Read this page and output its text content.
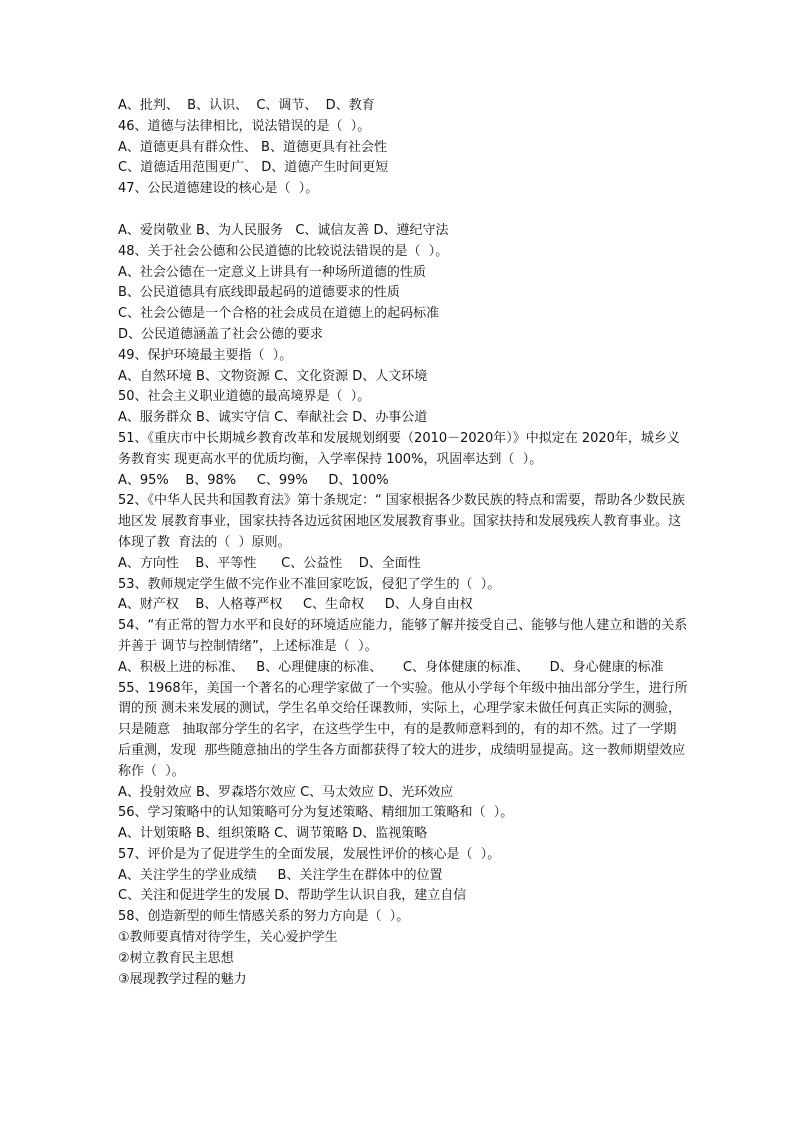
A、批判、  B、认识、  C、调节、  D、教育
46、道德与法律相比，说法错误的是（  ）。
A、道德更具有群众性、 B、道德更具有社会性
C、道德适用范围更广、 D、道德产生时间更短
47、公民道德建设的核心是（  ）。
A、爱岗敬业 B、为人民服务   C、诚信友善 D、遵纪守法
48、关于社会公德和公民道德的比较说法错误的是（  ）。
A、社会公德在一定意义上讲具有一种场所道德的性质
B、公民道德具有底线即最起码的道德要求的性质
C、社会公德是一个合格的社会成员在道德上的起码标准
D、公民道德涵盖了社会公德的要求
49、保护环境最主要指（  ）。
A、自然环境 B、文物资源 C、文化资源 D、人文环境
50、社会主义职业道德的最高境界是（  ）。
A、服务群众 B、诚实守信 C、奉献社会 D、办事公道
51、《重庆市中长期城乡教育改革和发展规划纲要（2010－2020年）》中拟定在 2020年，城乡义务教育实 现更高水平的优质均衡，入学率保持 100%，巩固率达到（  ）。
A、95%    B、98%     C、99%     D、100%
52、《中华人民共和国教育法》第十条规定：“ 国家根据各少数民族的特点和需要，帮助各少数民族地区发 展教育事业，国家扶持各边远贫困地区发展教育事业。国家扶持和发展残疾人教育事业。这体现了教  育法的（  ）原则。
A、方向性    B、平等性      C、公益性    D、全面性
53、教师规定学生做不完作业不准回家吃饭，侵犯了学生的（  ）。
A、财产权    B、人格尊严权     C、生命权     D、人身自由权
54、“有正常的智力水平和良好的环境适应能力，能够了解并接受自己、能够与他人建立和谐的关系并善于 调节与控制情绪”，上述标准是（  ）。
A、积极上进的标准、   B、心理健康的标准、     C、身体健康的标准、     D、身心健康的标准
55、1968年，美国一个著名的心理学家做了一个实验。他从小学每个年级中抽出部分学生，进行所谓的预 测未来发展的测试，学生名单交给任课教师，实际上，心理学家未做任何真正实际的测验，只是随意   抽取部分学生的名字，在这些学生中，有的是教师意料到的，有的却不然。过了一学期后重测，发现  那些随意抽出的学生各方面都获得了较大的进步，成绩明显提高。这一教师期望效应称作（  ）。
A、投射效应 B、罗森塔尔效应 C、马太效应 D、光环效应
56、学习策略中的认知策略可分为复述策略、精细加工策略和（  ）。
A、计划策略 B、组织策略 C、调节策略 D、监视策略
57、评价是为了促进学生的全面发展，发展性评价的核心是（  ）。
A、关注学生的学业成绩     B、关注学生在群体中的位置
C、关注和促进学生的发展 D、帮助学生认识自我，建立自信
58、创造新型的师生情感关系的努力方向是（  ）。
①教师要真情对待学生，关心爱护学生
②树立教育民主思想
③展现教学过程的魅力
